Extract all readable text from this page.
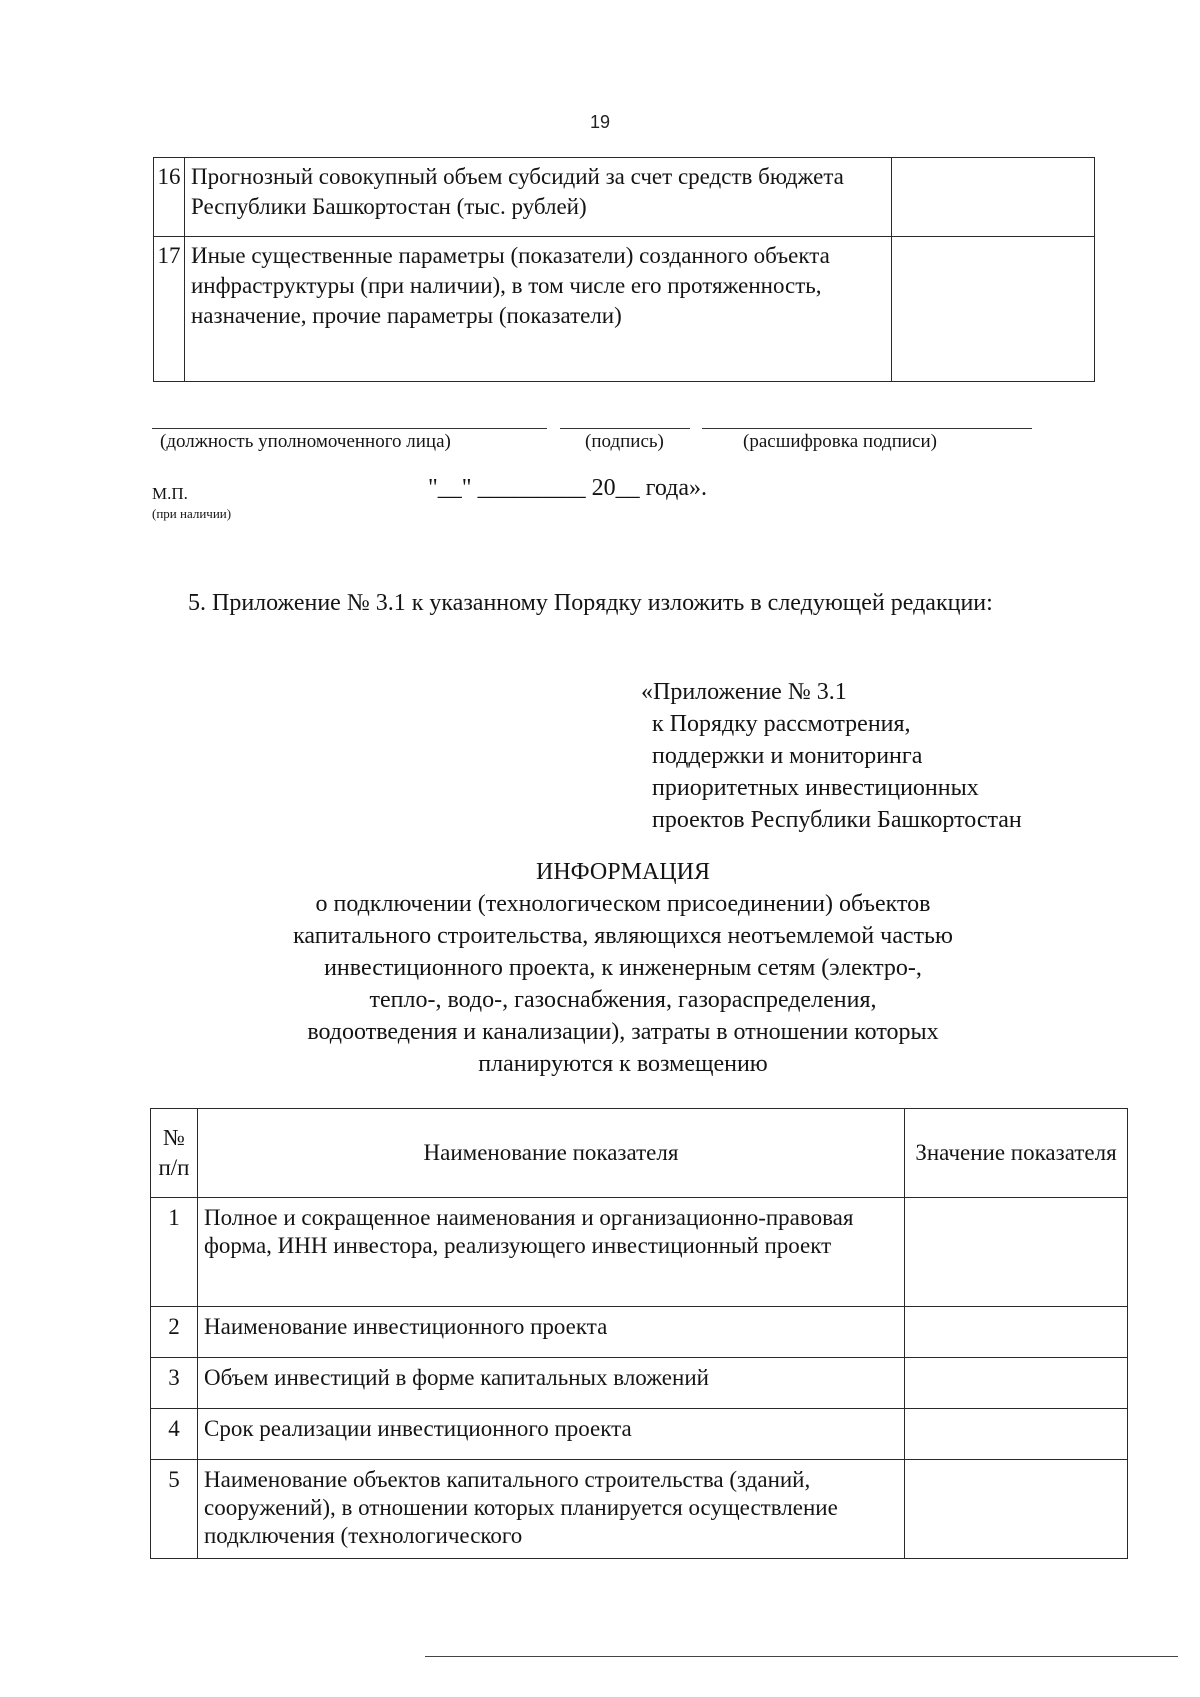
19
16	Прогнозный совокупный объем субсидий за счет средств бюджета Республики Башкортостан (тыс. рублей)	
17	Иные существенные параметры (показатели) созданного объекта инфраструктуры (при наличии), в том числе его протяженность, назначение, прочие параметры (показатели)	
(должность уполномоченного лица)	(подпись)	(расшифровка подписи)
М.П.
(при наличии)
"__" _________ 20__ года».
5. Приложение № 3.1 к указанному Порядку изложить в следующей редакции:
«Приложение № 3.1
к Порядку рассмотрения,
поддержки и мониторинга
приоритетных инвестиционных
проектов Республики Башкортостан
ИНФОРМАЦИЯ
о подключении (технологическом присоединении) объектов
капитального строительства, являющихся неотъемлемой частью
инвестиционного проекта, к инженерным сетям (электро-,
тепло-, водо-, газоснабжения, газораспределения,
водоотведения и канализации), затраты в отношении которых
планируются к возмещению
№ п/п	Наименование показателя	Значение показателя
1	Полное и сокращенное наименования и организационно-правовая форма, ИНН инвестора, реализующего инвестиционный проект	
2	Наименование инвестиционного проекта	
3	Объем инвестиций в форме капитальных вложений	
4	Срок реализации инвестиционного проекта	
5	Наименование объектов капитального строительства (зданий, сооружений), в отношении которых планируется осуществление подключения (технологического	
